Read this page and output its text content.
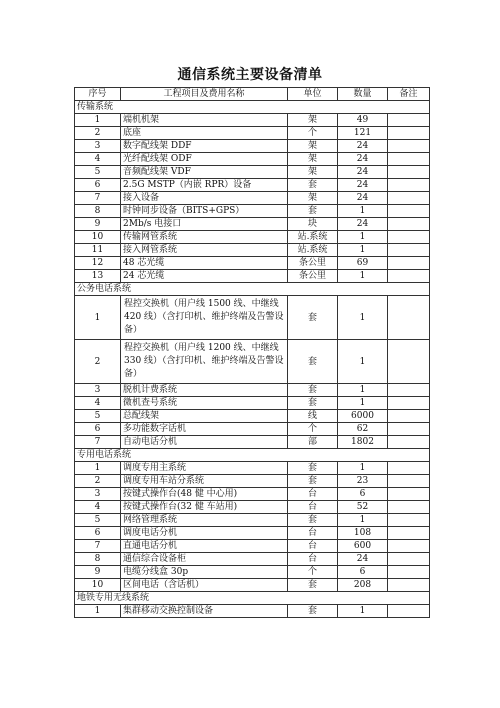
通信系统主要设备清单
序号	工程项目及费用名称	单位	数量	备注
传输系统				
1	端机机架	架	49	
2	底座	个	121	
3	数字配线架 DDF	架	24	
4	光纤配线架 ODF	架	24	
5	音频配线架 VDF	架	24	
6	2.5G MSTP（内嵌 RPR）设备	套	24	
7	接入设备	架	24	
8	时钟同步设备（BITS+GPS）	套	1	
9	2Mb/s 电接口	块	24	
10	传输网管系统	站.系统	1	
11	接入网管系统	站.系统	1	
12	48 芯光缆	条公里	69	
13	24 芯光缆	条公里	1	
公务电话系统				
1	程控交换机（用户线 1500 线、中继线 420 线）（含打印机、维护终端及告警设备）	套	1	
2	程控交换机（用户线 1200 线、中继线 330 线）（含打印机、维护终端及告警设备）	套	1	
3	脱机计费系统	套	1	
4	微机查号系统	套	1	
5	总配线架	线	6000	
6	多功能数字话机	个	62	
7	自动电话分机	部	1802	
专用电话系统				
1	调度专用主系统	套	1	
2	调度专用车站分系统	套	23	
3	按键式操作台(48 健 中心用)	台	6	
4	按键式操作台(32 健 车站用)	台	52	
5	网络管理系统	套	1	
6	调度电话分机	台	108	
7	直通电话分机	台	600	
8	通信综合设备柜	台	24	
9	电缆分线盒 30p	个	6	
10	区间电话（含话机）	套	208	
地铁专用无线系统				
1	集群移动交换控制设备	套	1	
